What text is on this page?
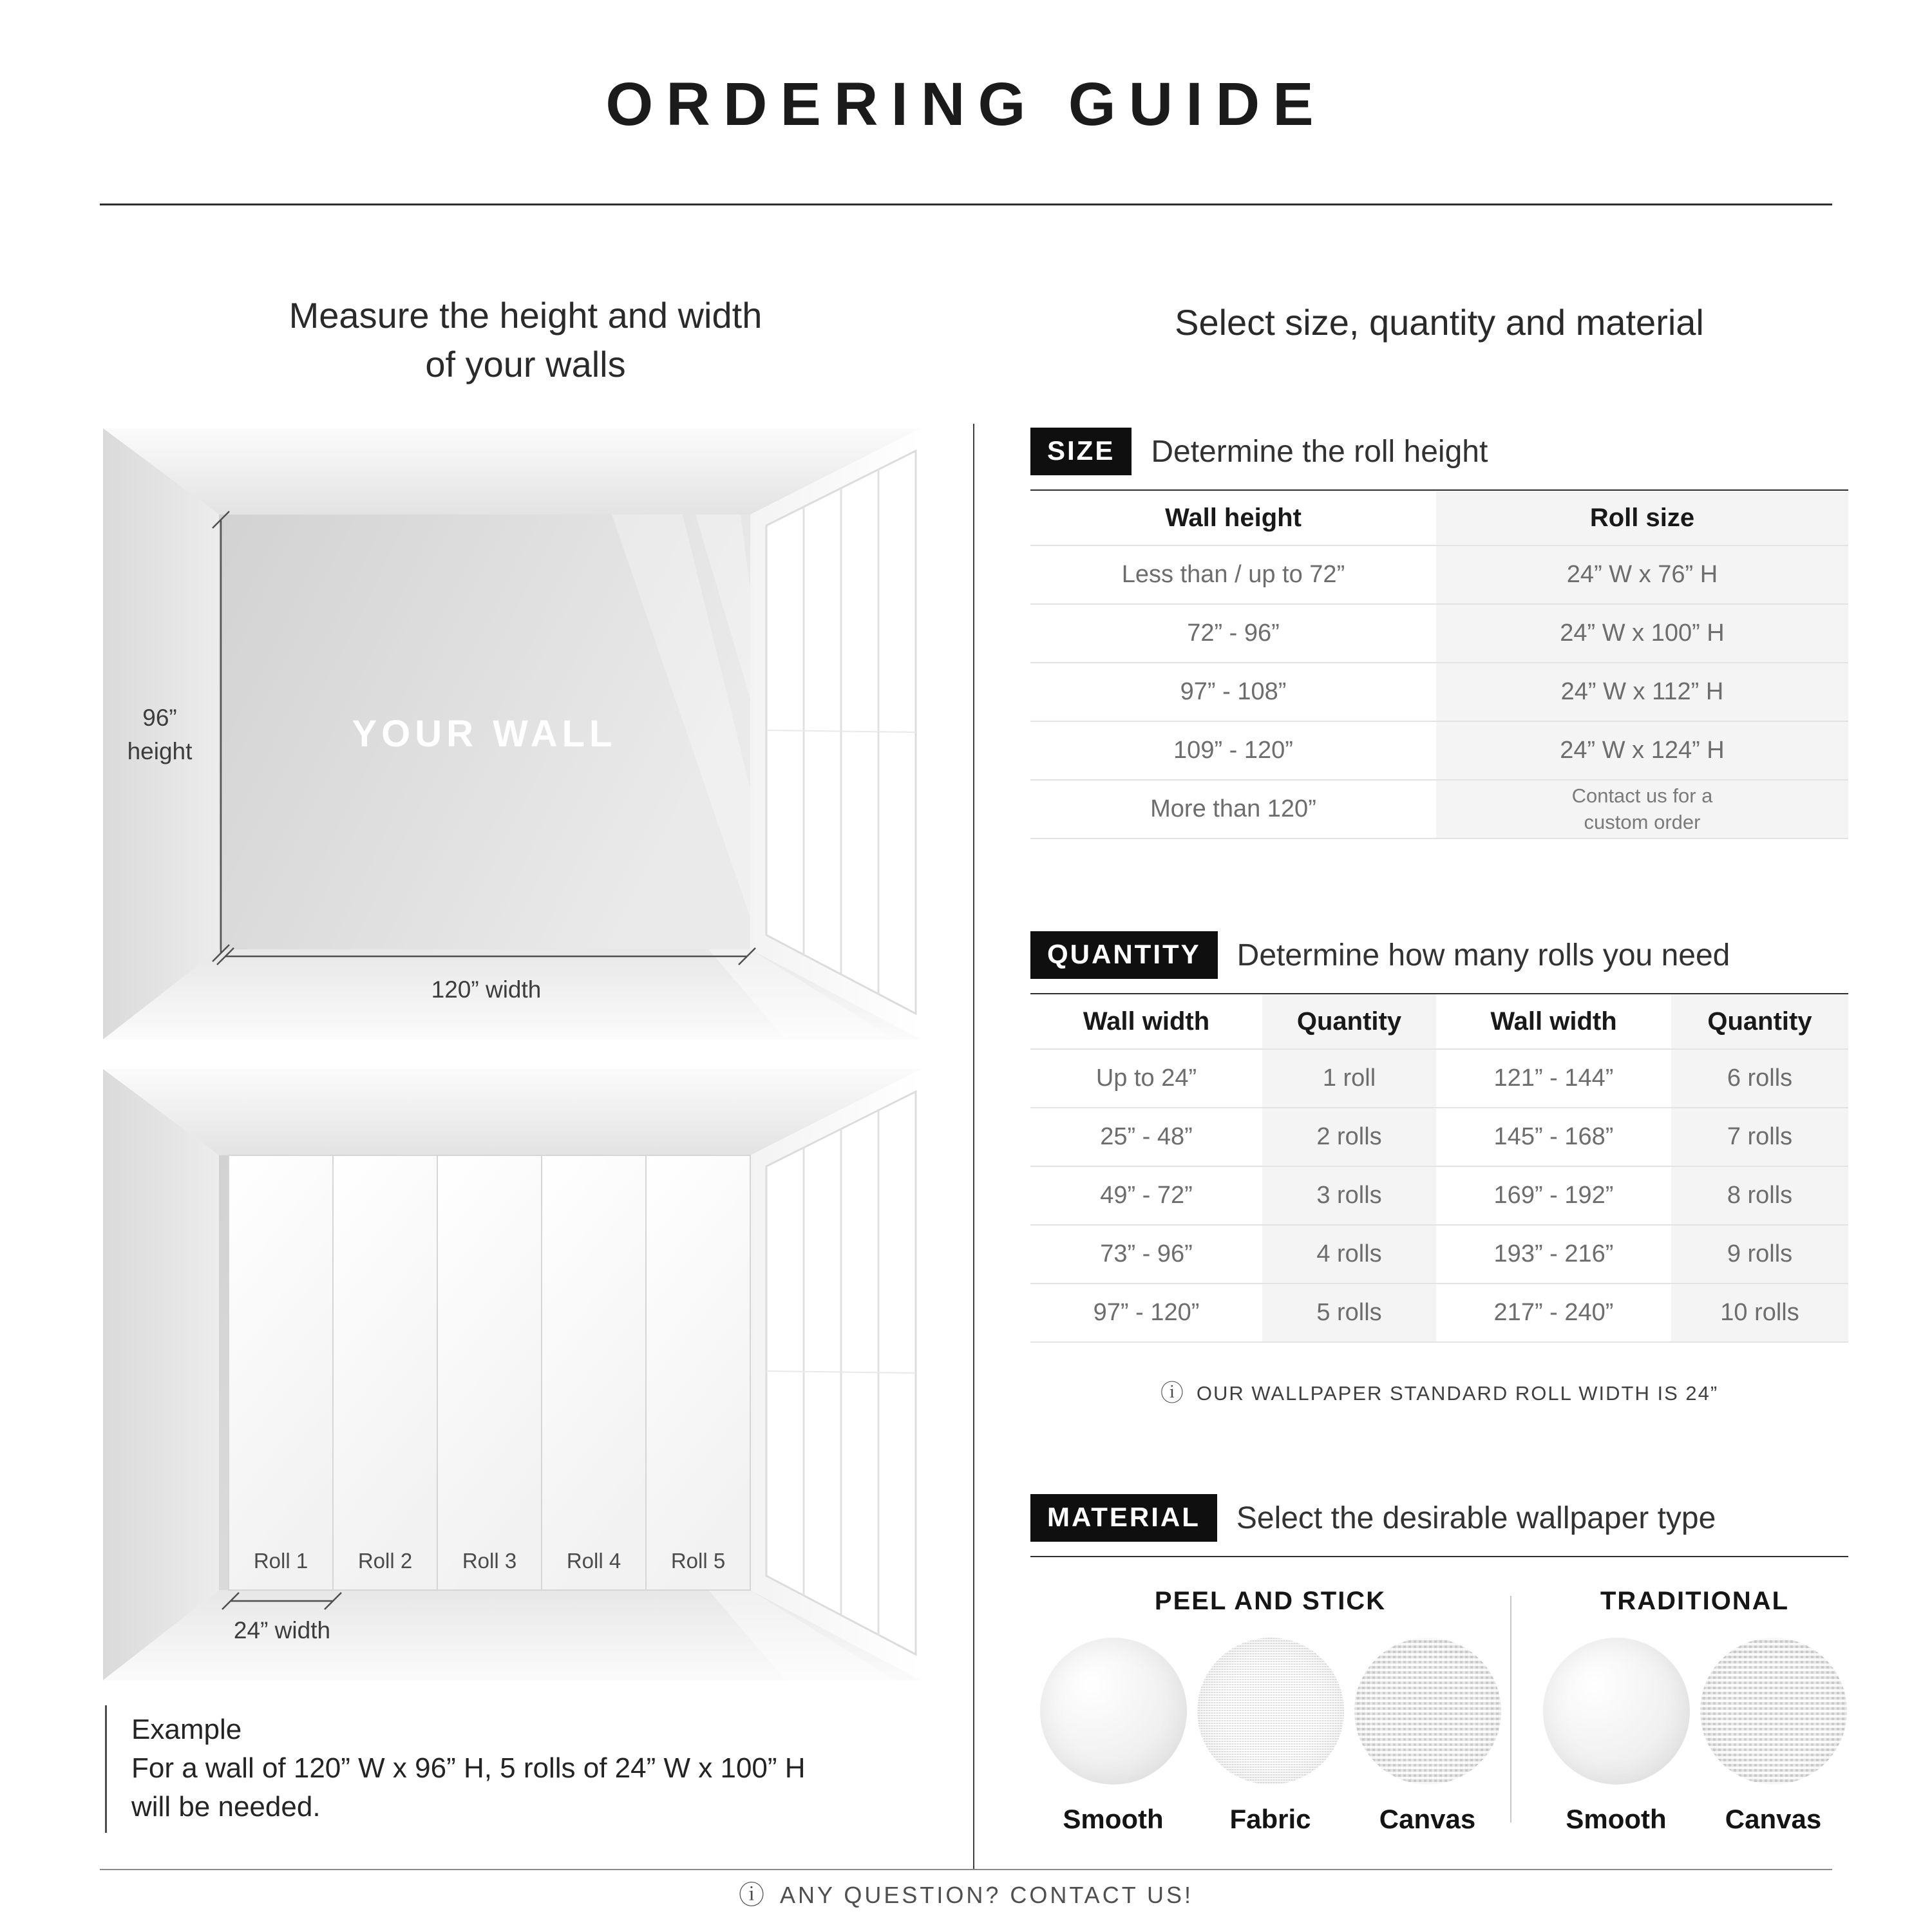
ORDERING GUIDE
Measure the height and width
of your walls
Select size, quantity and material
96”
height
120” width
YOUR WALL
Roll 1 Roll 2 Roll 3 Roll 4 Roll 5
24” width
Example
For a wall of 120” W x 96” H, 5 rolls of 24” W x 100” H
will be needed.
SIZE	Determine the roll height
Wall height	Roll size
Less than / up to 72”	24” W x 76” H
72” - 96”	24” W x 100” H
97” - 108”	24” W x 112” H
109” - 120”	24” W x 124” H
More than 120”	Contact us for a custom order
QUANTITY	Determine how many rolls you need
Wall width	Quantity	Wall width	Quantity
Up to 24”	1 roll	121” - 144”	6 rolls
25” - 48”	2 rolls	145” - 168”	7 rolls
49” - 72”	3 rolls	169” - 192”	8 rolls
73” - 96”	4 rolls	193” - 216”	9 rolls
97” - 120”	5 rolls	217” - 240”	10 rolls
ⓘ OUR WALLPAPER STANDARD ROLL WIDTH IS 24”
MATERIAL	Select the desirable wallpaper type
PEEL AND STICK
Smooth Fabric	Canvas
TRADITIONAL
Smooth Canvas
ⓘ ANY QUESTION? CONTACT US!
